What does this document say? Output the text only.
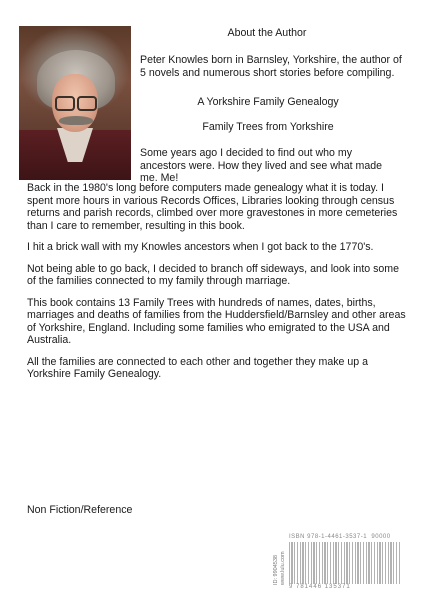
About the Author
Peter Knowles born in Barnsley, Yorkshire, the author of 5 novels and numerous short stories before compiling.
A Yorkshire Family Genealogy
Family Trees from Yorkshire
Some years ago I decided to find out who my ancestors were. How they lived and see what made me. Me!

Back in the 1980's long before computers made genealogy what it is today. I spent more hours in various Records Offices, Libraries looking through census returns and parish records, climbed over more gravestones in more cemeteries than I care to remember, resulting in this book.

I hit a brick wall with my Knowles ancestors when I got back to the 1770's.

Not being able to go back, I decided to branch off sideways, and look into some of the families connected to my family through marriage.

This book contains 13 Family Trees with hundreds of names, dates, births, marriages and deaths of families from the Huddersfield/Barnsley and other areas of Yorkshire, England. Including some families who emigrated to the USA and Australia.

All the families are connected to each other and together they make up a Yorkshire Family Genealogy.

Non Fiction/Reference
ID: 9904538
www.lulu.com
ISBN 978-1-4461-3537-1 90000
9 781446 135371
